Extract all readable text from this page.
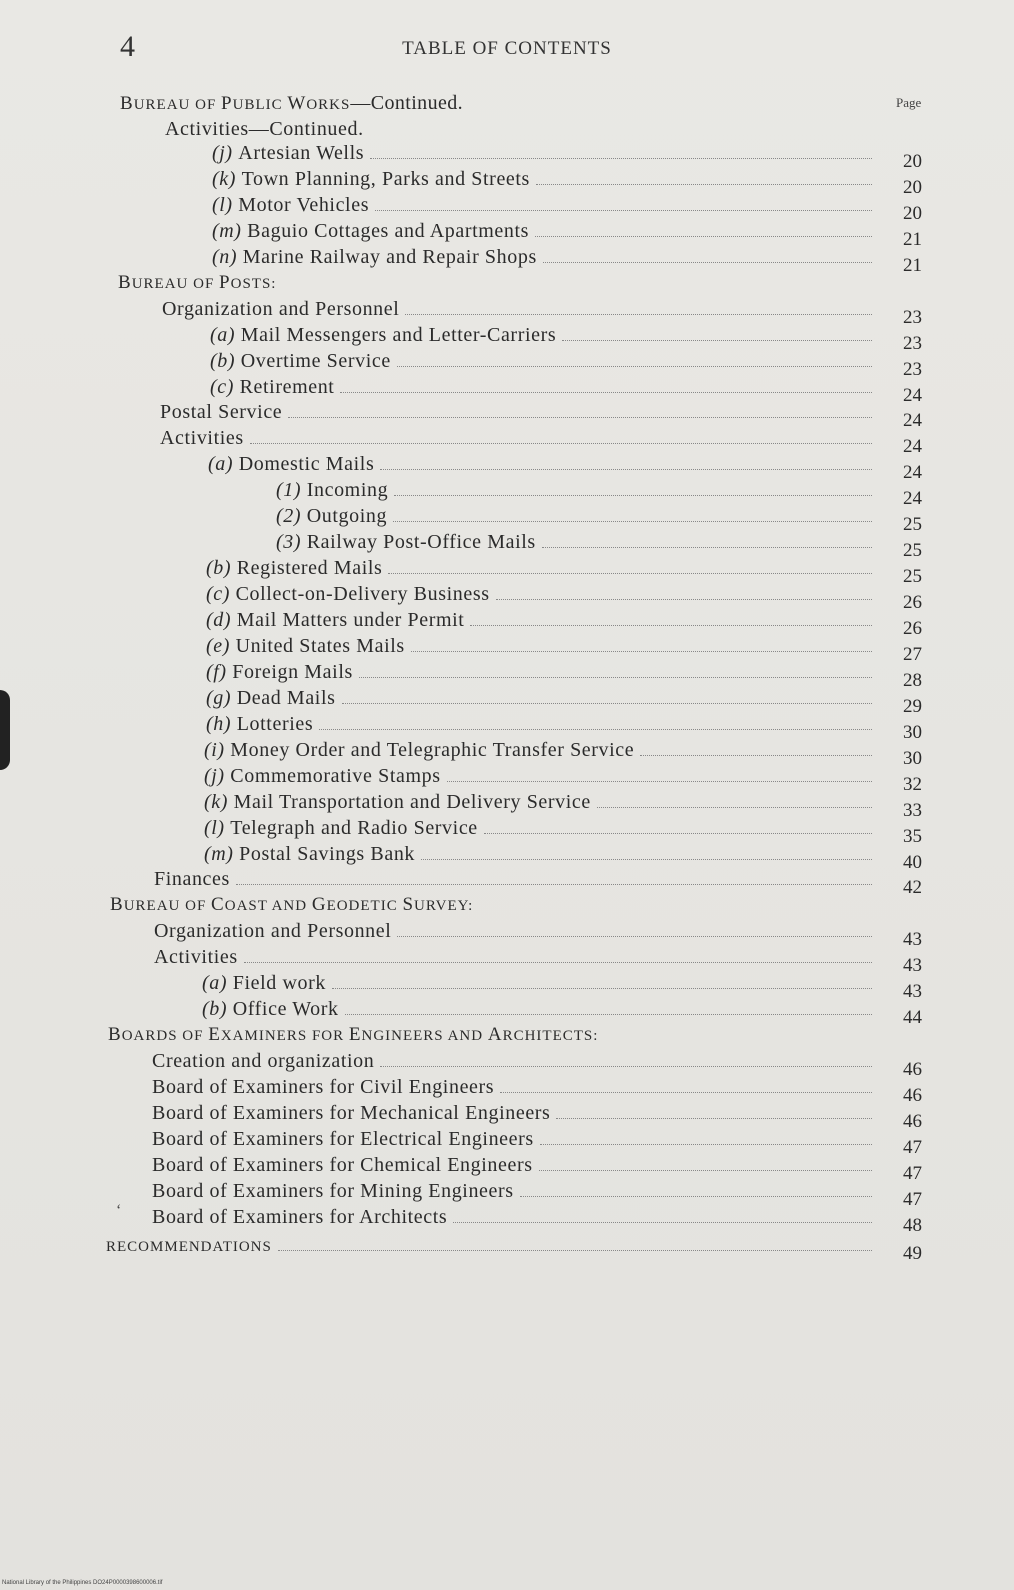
4	TABLE OF CONTENTS
Page
BUREAU OF PUBLIC WORKS—Continued.
Activities—Continued.
(j) Artesian Wells	20
(k) Town Planning, Parks and Streets	20
(l) Motor Vehicles	20
(m) Baguio Cottages and Apartments	21
(n) Marine Railway and Repair Shops	21
BUREAU OF POSTS:
Organization and Personnel	23
(a) Mail Messengers and Letter-Carriers	23
(b) Overtime Service	23
(c) Retirement	24
Postal Service	24
Activities	24
(a) Domestic Mails	24
(1) Incoming	24
(2) Outgoing	25
(3) Railway Post-Office Mails	25
(b) Registered Mails	25
(c) Collect-on-Delivery Business	26
(d) Mail Matters under Permit	26
(e) United States Mails	27
(f) Foreign Mails	28
(g) Dead Mails	29
(h) Lotteries	30
(i) Money Order and Telegraphic Transfer Service	30
(j) Commemorative Stamps	32
(k) Mail Transportation and Delivery Service	33
(l) Telegraph and Radio Service	35
(m) Postal Savings Bank	40
Finances	42
BUREAU OF COAST AND GEODETIC SURVEY:
Organization and Personnel	43
Activities	43
(a) Field work	43
(b) Office Work	44
BOARDS OF EXAMINERS FOR ENGINEERS AND ARCHITECTS:
Creation and organization	46
Board of Examiners for Civil Engineers	46
Board of Examiners for Mechanical Engineers	46
Board of Examiners for Electrical Engineers	47
Board of Examiners for Chemical Engineers	47
Board of Examiners for Mining Engineers	47
Board of Examiners for Architects	48
RECOMMENDATIONS	49
‘
National Library of the Philippines DO24P0000398600006.tif
